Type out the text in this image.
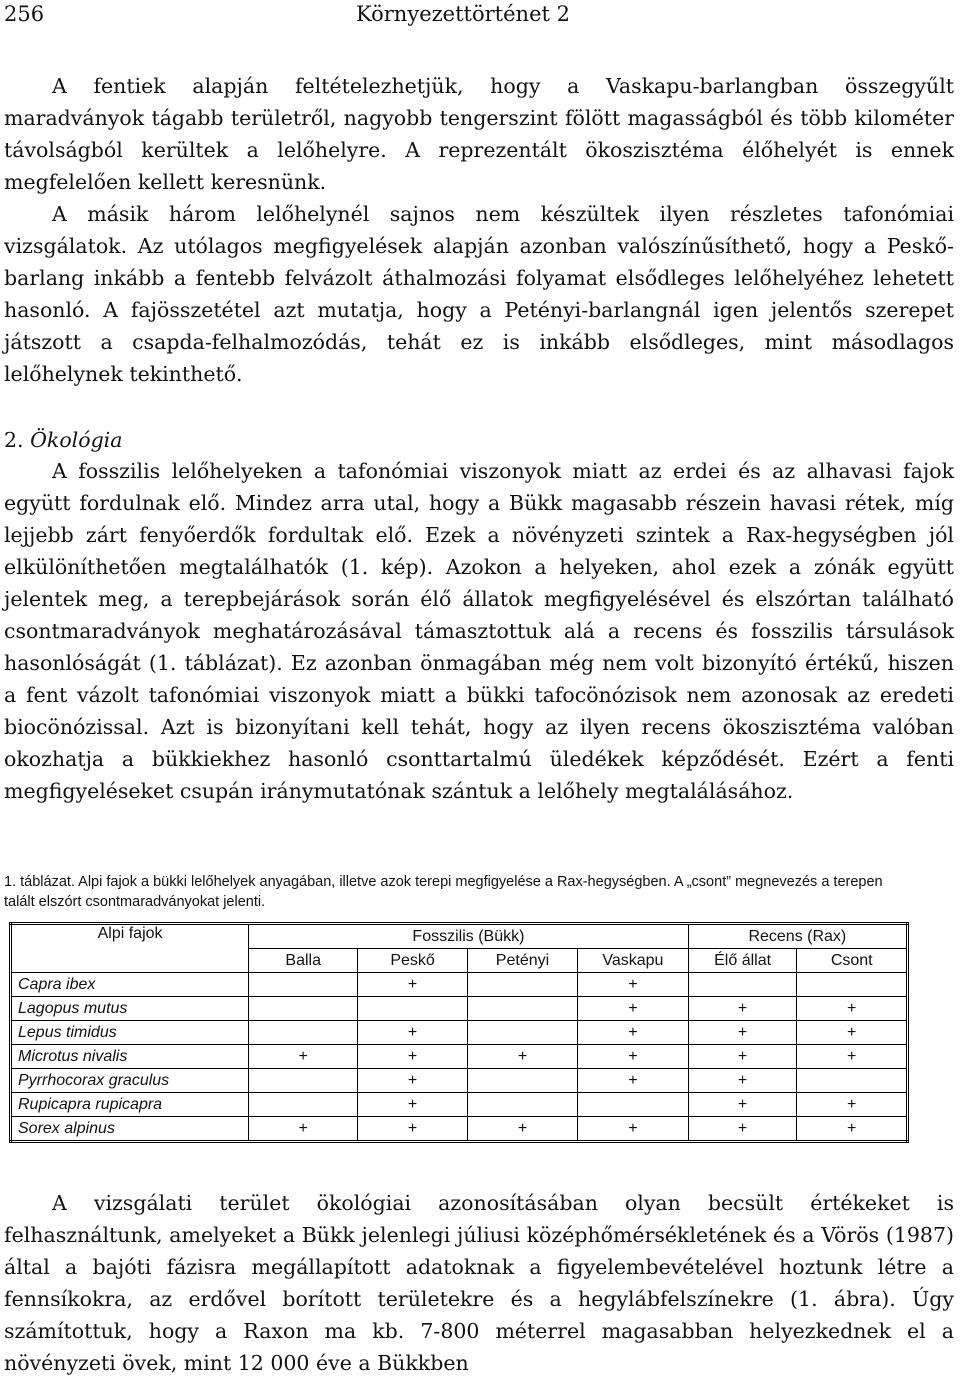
256	Környezettörténet 2

A fentiek alapján feltételezhetjük, hogy a Vaskapu-barlangban összegyűlt maradványok tágabb területről, nagyobb tengerszint fölött magasságból és több kilométer távolságból kerültek a lelőhelyre. A reprezentált ökoszisztéma élőhelyét is ennek megfelelően kellett keresnünk.

A másik három lelőhelynél sajnos nem készültek ilyen részletes tafonómiai vizsgálatok. Az utólagos megfigyelések alapján azonban valószínűsíthető, hogy a Peskő-barlang inkább a fentebb felvázolt áthalmozási folyamat elsődleges lelőhelyéhez lehetett hasonló. A fajösszetétel azt mutatja, hogy a Petényi-barlangnál igen jelentős szerepet játszott a csapda-felhalmozódás, tehát ez is inkább elsődleges, mint másodlagos lelőhelynek tekinthető.

2. Ökológia

A fosszilis lelőhelyeken a tafonómiai viszonyok miatt az erdei és az alhavasi fajok együtt fordulnak elő. Mindez arra utal, hogy a Bükk magasabb részein havasi rétek, míg lejjebb zárt fenyőerdők fordultak elő. Ezek a növényzeti szintek a Rax-hegységben jól elkülöníthetően megtalálhatók (1. kép). Azokon a helyeken, ahol ezek a zónák együtt jelentek meg, a terepbejárások során élő állatok megfigyelésével és elszórtan található csontmaradványok meghatározásával támasztottuk alá a recens és fosszilis társulások hasonlóságát (1. táblázat). Ez azonban önmagában még nem volt bizonyító értékű, hiszen a fent vázolt tafonómiai viszonyok miatt a bükki tafocönózisok nem azonosak az eredeti biocönózissal. Azt is bizonyítani kell tehát, hogy az ilyen recens ökoszisztéma valóban okozhatja a bükkiekhez hasonló csonttartalmú üledékek képződését. Ezért a fenti megfigyeléseket csupán iránymutatónak szántuk a lelőhely megtalálásához.

1. táblázat. Alpi fajok a bükki lelőhelyek anyagában, illetve azok terepi megfigyelése a Rax-hegységben. A „csont” megnevezés a terepen talált elszórt csontmaradványokat jelenti.
Alpi fajok	Fosszilis (Bükk)				Recens (Rax)	
	Balla	Peskő	Petényi	Vaskapu	Élő állat	Csont
Capra ibex		+		+		
Lagopus mutus				+	+	+
Lepus timidus		+		+	+	+
Microtus nivalis	+	+	+	+	+	+
Pyrrhocorax graculus		+		+	+	
Rupicapra rupicapra		+			+	+
Sorex alpinus	+	+	+	+	+	+

A vizsgálati terület ökológiai azonosításában olyan becsült értékeket is felhasználtunk, amelyeket a Bükk jelenlegi júliusi középhőmérsékletének és a Vörös (1987) által a bajóti fázisra megállapított adatoknak a figyelembevételével hoztunk létre a fennsíkokra, az erdővel borított területekre és a hegylábfelszínekre (1. ábra). Úgy számítottuk, hogy a Raxon ma kb. 7-800 méterrel magasabban helyezkednek el a növényzeti övek, mint 12 000 éve a Bükkben
